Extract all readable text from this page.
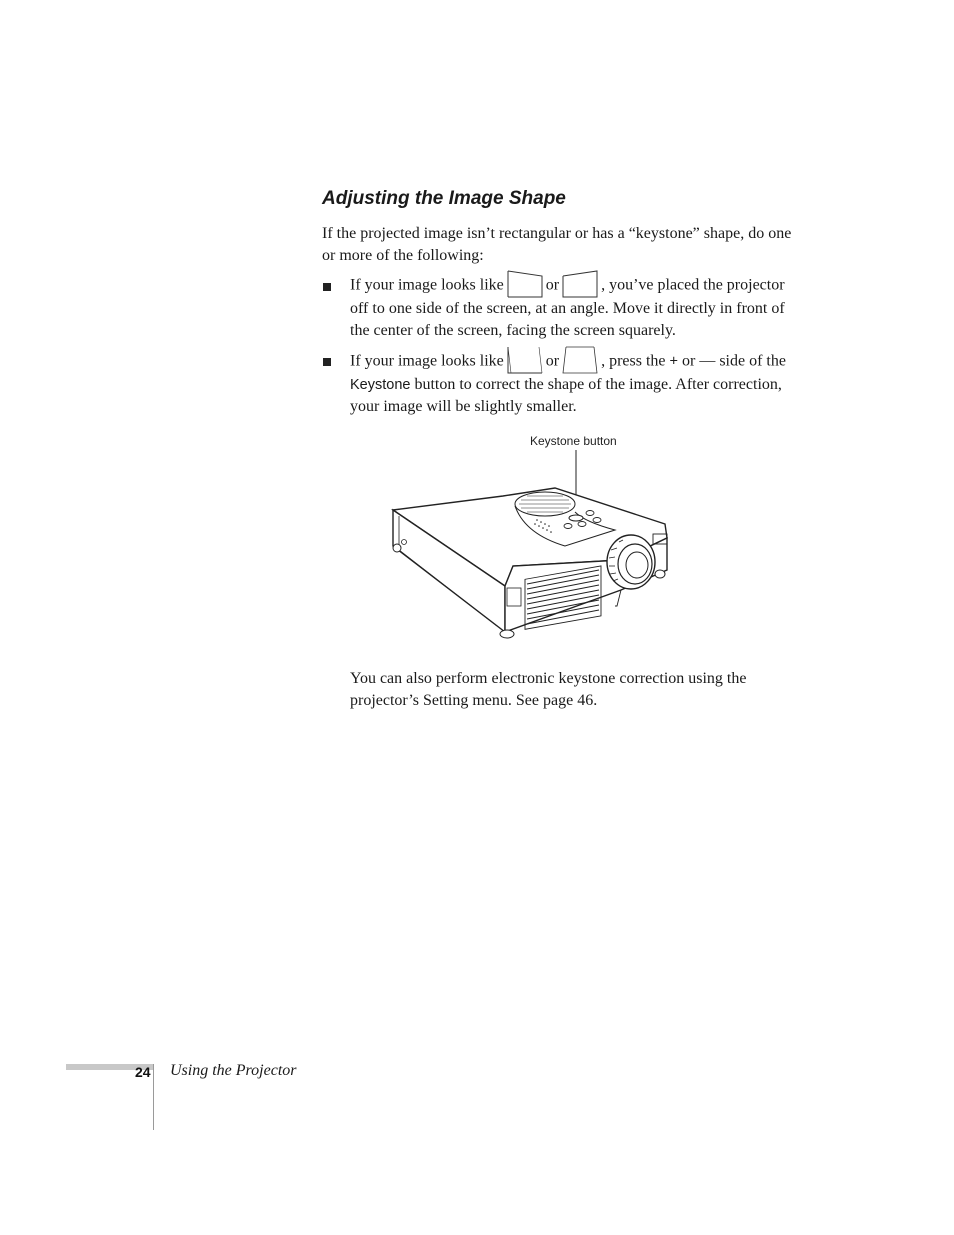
Adjusting the Image Shape
If the projected image isn’t rectangular or has a “keystone” shape, do one or more of the following:
If your image looks like	or	, you’ve placed the projector off to one side of the screen, at an angle. Move it directly in front of the center of the screen, facing the screen squarely.
If your image looks like	or	, press the + or — side of the Keystone button to correct the shape of the image. After correction, your image will be slightly smaller.
Keystone button
You can also perform electronic keystone correction using the projector’s Setting menu. See page 46.
24 Using the Projector
